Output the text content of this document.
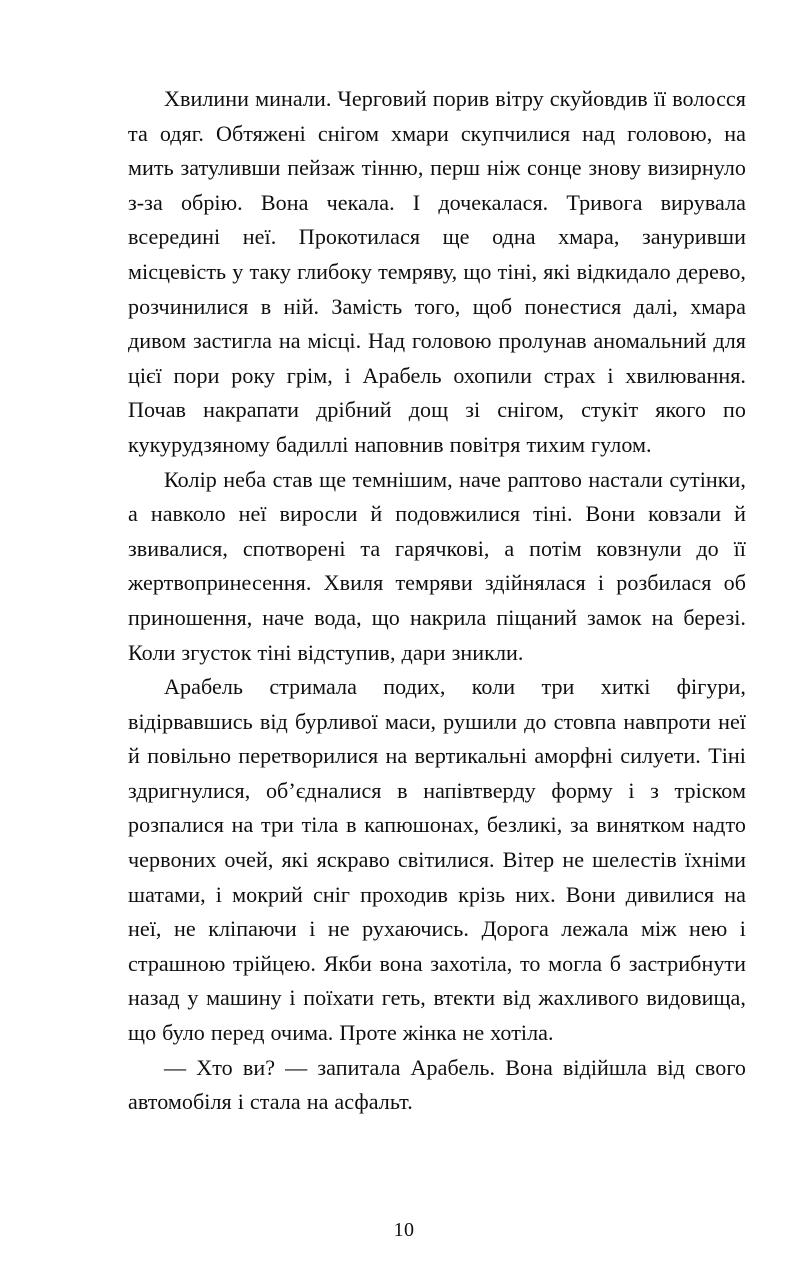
Хвилини минали. Черговий порив вітру скуйовдив її волосся та одяг. Обтяжені снігом хмари скупчилися над головою, на мить затуливши пейзаж тінню, перш ніж сонце знову визирнуло з-за обрію. Вона чекала. І дочекалася. Тривога вирувала всередині неї. Прокотилася ще одна хмара, зануривши місцевість у таку глибоку темряву, що тіні, які відкидало дерево, розчинилися в ній. Замість того, щоб понестися далі, хмара дивом застигла на місці. Над головою пролунав аномальний для цієї пори року грім, і Арабель охопили страх і хвилювання. Почав накрапати дрібний дощ зі снігом, стукіт якого по кукурудзяному бадиллі наповнив повітря тихим гулом.

Колір неба став ще темнішим, наче раптово настали сутінки, а навколо неї виросли й подовжилися тіні. Вони ковзали й звивалися, спотворені та гарячкові, а потім ковзнули до її жертвопринесення. Хвиля темряви здійнялася і розбилася об приношення, наче вода, що накрила піщаний замок на березі. Коли згусток тіні відступив, дари зникли.

Арабель стримала подих, коли три хиткі фігури, відірвавшись від бурливої маси, рушили до стовпа навпроти неї й повільно перетворилися на вертикальні аморфні силуети. Тіні здригнулися, об’єдналися в напівтверду форму і з тріском розпалися на три тіла в капюшонах, безликі, за винятком надто червоних очей, які яскраво світилися. Вітер не шелестів їхніми шатами, і мокрий сніг проходив крізь них. Вони дивилися на неї, не кліпаючи і не рухаючись. Дорога лежала між нею і страшною трійцею. Якби вона захотіла, то могла б застрибнути назад у машину і поїхати геть, втекти від жахливого видовища, що було перед очима. Проте жінка не хотіла.

— Хто ви? — запитала Арабель. Вона відійшла від свого автомобіля і стала на асфальт.

10
